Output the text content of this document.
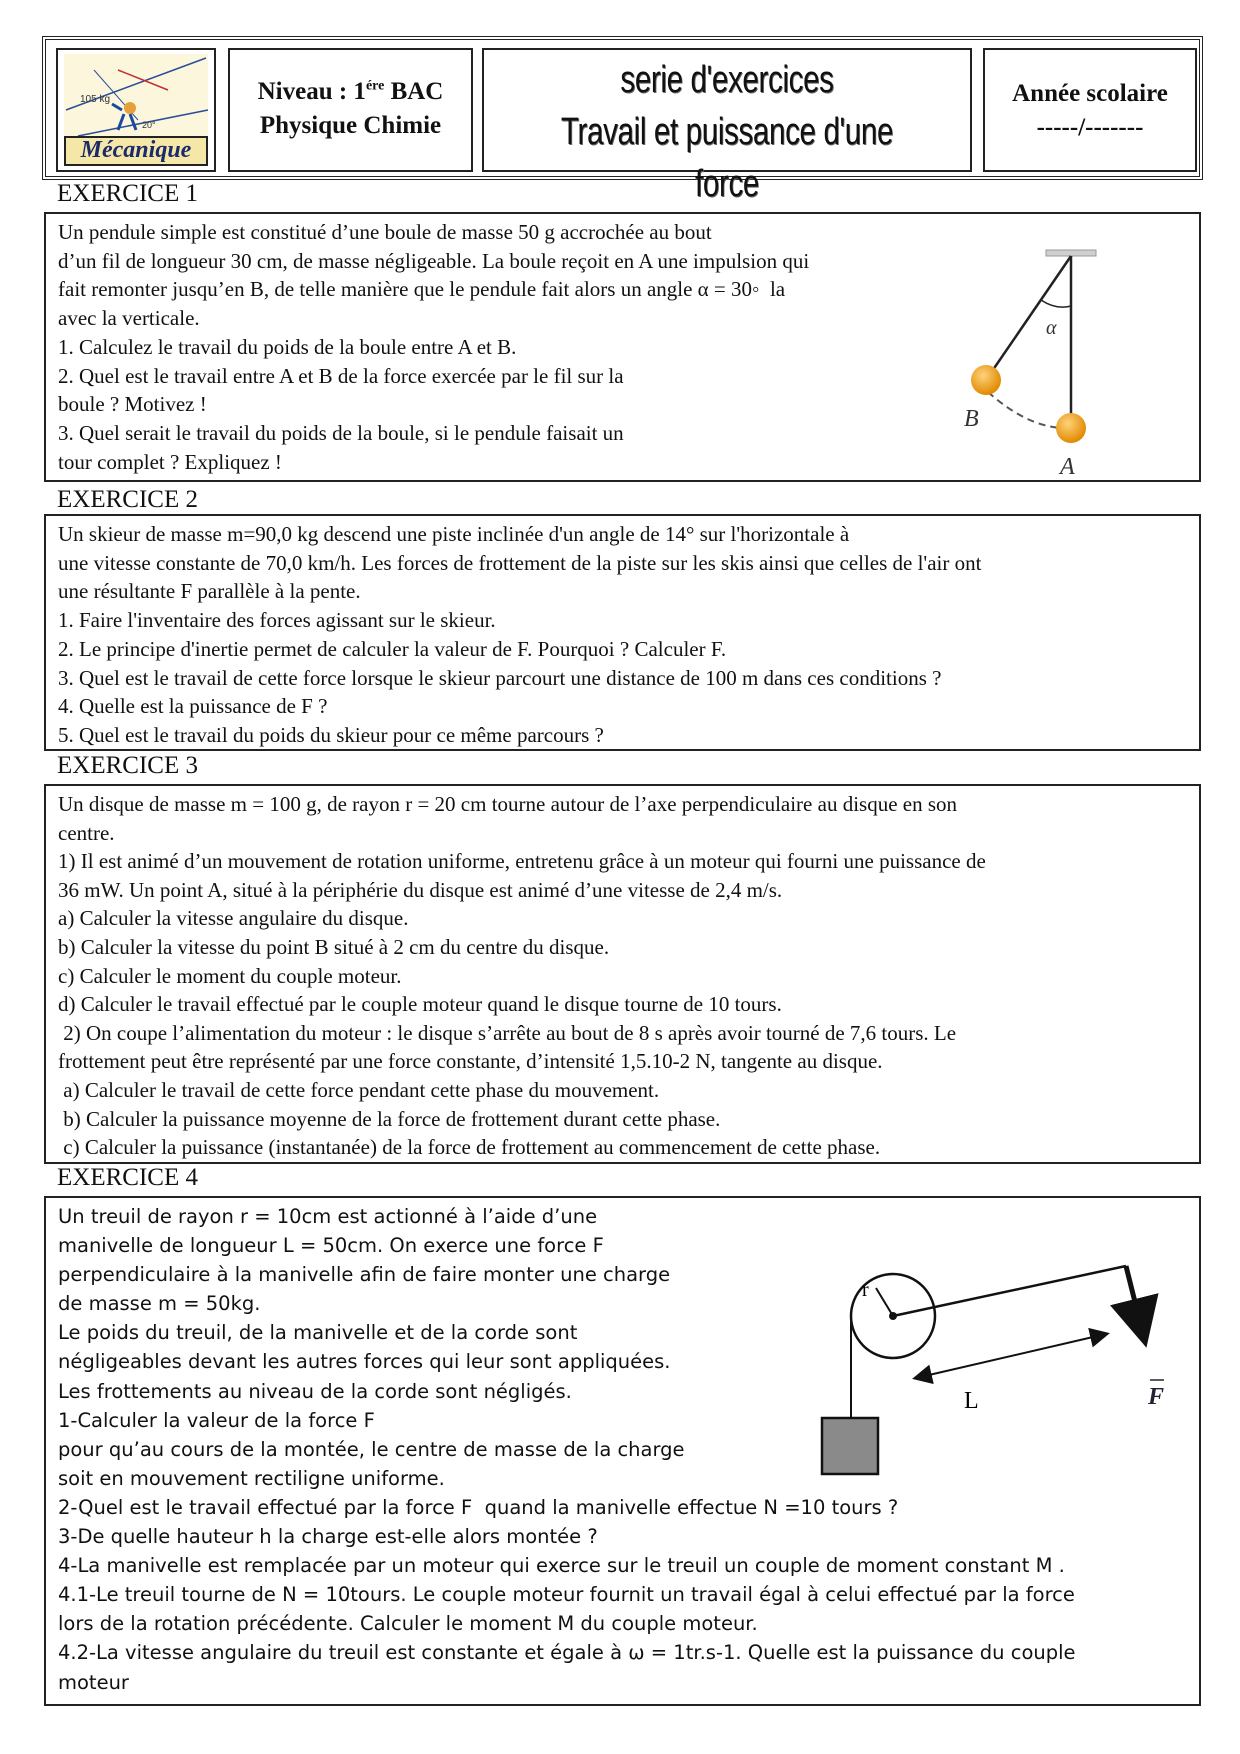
105 kg
20°
Mécanique
Niveau : $1^{ére}$ BAC
Physique Chimie
serie d'exercices
Travail et puissance d'une force
Année scolaire
-----/-------
EXERCICE 1
Un pendule simple est constitué d’une boule de masse 50 g accrochée au bout
d’un fil de longueur 30 cm, de masse négligeable. La boule reçoit en A une impulsion qui
fait remonter jusqu’en B, de telle manière que le pendule fait alors un angle α = 30◦  la
avec la verticale.
1. Calculez le travail du poids de la boule entre A et B.
2. Quel est le travail entre A et B de la force exercée par le fil sur la
boule ? Motivez !
3. Quel serait le travail du poids de la boule, si le pendule faisait un
tour complet ? Expliquez !
α
B
A
EXERCICE 2
Un skieur de masse m=90,0 kg descend une piste inclinée d'un angle de 14° sur l'horizontale à
une vitesse constante de 70,0 km/h. Les forces de frottement de la piste sur les skis ainsi que celles de l'air ont
une résultante F parallèle à la pente.
1. Faire l'inventaire des forces agissant sur le skieur.
2. Le principe d'inertie permet de calculer la valeur de F. Pourquoi ? Calculer F.
3. Quel est le travail de cette force lorsque le skieur parcourt une distance de 100 m dans ces conditions ?
4. Quelle est la puissance de F ?
5. Quel est le travail du poids du skieur pour ce même parcours ?
EXERCICE 3
Un disque de masse m = 100 g, de rayon r = 20 cm tourne autour de l’axe perpendiculaire au disque en son
centre.
1) Il est animé d’un mouvement de rotation uniforme, entretenu grâce à un moteur qui fourni une puissance de
36 mW. Un point A, situé à la périphérie du disque est animé d’une vitesse de 2,4 m/s.
a) Calculer la vitesse angulaire du disque.
b) Calculer la vitesse du point B situé à 2 cm du centre du disque.
c) Calculer le moment du couple moteur.
d) Calculer le travail effectué par le couple moteur quand le disque tourne de 10 tours.
2) On coupe l’alimentation du moteur : le disque s’arrête au bout de 8 s après avoir tourné de 7,6 tours. Le
frottement peut être représenté par une force constante, d’intensité 1,5.10-2 N, tangente au disque.
a) Calculer le travail de cette force pendant cette phase du mouvement.
b) Calculer la puissance moyenne de la force de frottement durant cette phase.
c) Calculer la puissance (instantanée) de la force de frottement au commencement de cette phase.
EXERCICE 4
Un treuil de rayon r = 10cm est actionné à l’aide d’une
manivelle de longueur L = 50cm. On exerce une force F
perpendiculaire à la manivelle afin de faire monter une charge
de masse m = 50kg.
Le poids du treuil, de la manivelle et de la corde sont
négligeables devant les autres forces qui leur sont appliquées.
Les frottements au niveau de la corde sont négligés.
1-Calculer la valeur de la force F
pour qu’au cours de la montée, le centre de masse de la charge
soit en mouvement rectiligne uniforme.
2-Quel est le travail effectué par la force F  quand la manivelle effectue N =10 tours ?
3-De quelle hauteur h la charge est-elle alors montée ?
4-La manivelle est remplacée par un moteur qui exerce sur le treuil un couple de moment constant M .
4.1-Le treuil tourne de N = 10tours. Le couple moteur fournit un travail égal à celui effectué par la force
lors de la rotation précédente. Calculer le moment M du couple moteur.
4.2-La vitesse angulaire du treuil est constante et égale à ω = 1tr.s-1. Quelle est la puissance du couple
moteur
r
L	F
